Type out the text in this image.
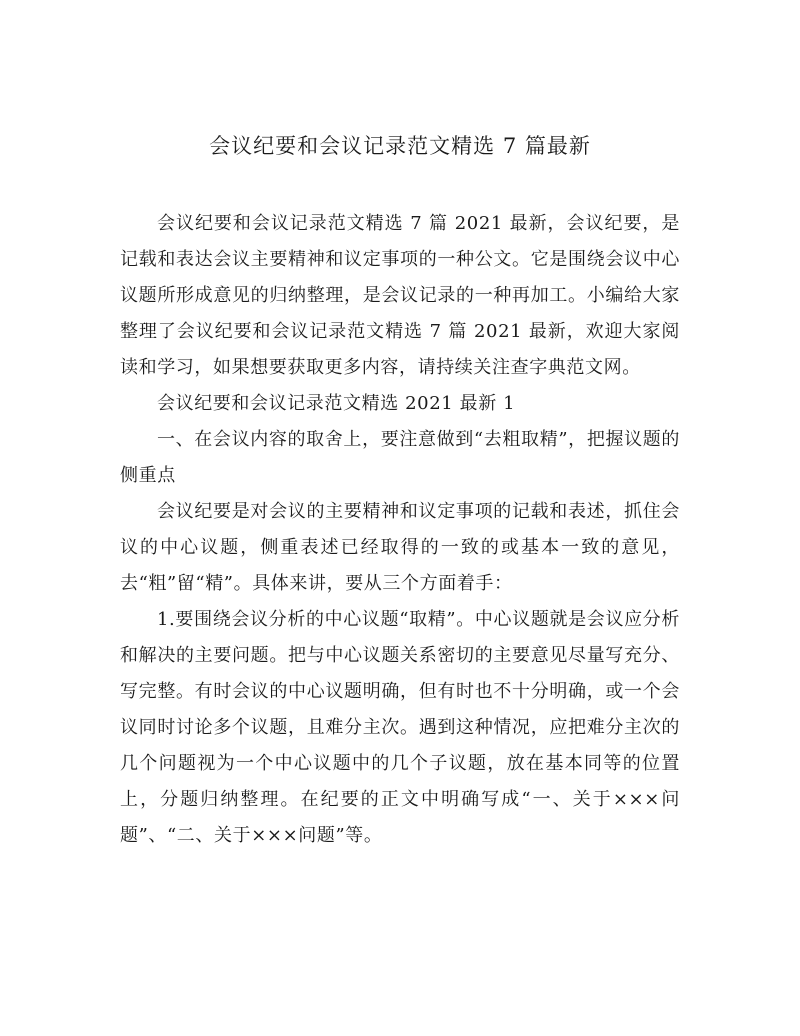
会议纪要和会议记录范文精选 7 篇最新

会议纪要和会议记录范文精选 7 篇 2021 最新，会议纪要，是记载和表达会议主要精神和议定事项的一种公文。它是围绕会议中心议题所形成意见的归纳整理，是会议记录的一种再加工。小编给大家整理了会议纪要和会议记录范文精选 7 篇 2021 最新，欢迎大家阅读和学习，如果想要获取更多内容，请持续关注查字典范文网。

会议纪要和会议记录范文精选 2021 最新 1

一、在会议内容的取舍上，要注意做到“去粗取精”，把握议题的侧重点

会议纪要是对会议的主要精神和议定事项的记载和表述，抓住会议的中心议题，侧重表述已经取得的一致的或基本一致的意见，去“粗”留“精”。具体来讲，要从三个方面着手：

1.要围绕会议分析的中心议题“取精”。中心议题就是会议应分析和解决的主要问题。把与中心议题关系密切的主要意见尽量写充分、写完整。有时会议的中心议题明确，但有时也不十分明确，或一个会议同时讨论多个议题，且难分主次。遇到这种情况，应把难分主次的几个问题视为一个中心议题中的几个子议题，放在基本同等的位置上，分题归纳整理。在纪要的正文中明确写成“一、关于×××问题”、“二、关于×××问题”等。
